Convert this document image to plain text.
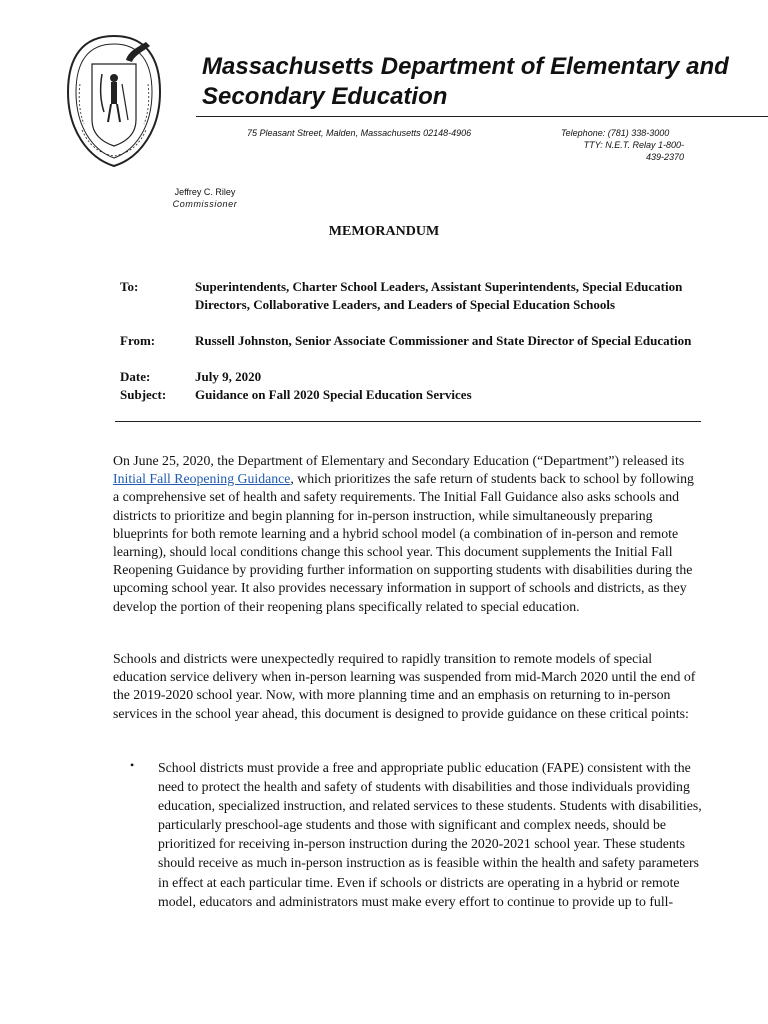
Massachusetts Department of Elementary and Secondary Education
75 Pleasant Street, Malden, Massachusetts 02148-4906	Telephone: (781) 338-3000
TTY: N.E.T. Relay 1-800-439-2370
Jeffrey C. Riley
Commissioner
MEMORANDUM
To:	Superintendents, Charter School Leaders, Assistant Superintendents, Special Education Directors, Collaborative Leaders, and Leaders of Special Education Schools
From:	Russell Johnston, Senior Associate Commissioner and State Director of Special Education
Date:	July 9, 2020
Subject: Guidance on Fall 2020 Special Education Services

On June 25, 2020, the Department of Elementary and Secondary Education (“Department”) released its Initial Fall Reopening Guidance, which prioritizes the safe return of students back to school by following a comprehensive set of health and safety requirements. The Initial Fall Guidance also asks schools and districts to prioritize and begin planning for in-person instruction, while simultaneously preparing blueprints for both remote learning and a hybrid school model (a combination of in-person and remote learning), should local conditions change this school year. This document supplements the Initial Fall Reopening Guidance by providing further information on supporting students with disabilities during the upcoming school year. It also provides necessary information in support of schools and districts, as they develop the portion of their reopening plans specifically related to special education.

Schools and districts were unexpectedly required to rapidly transition to remote models of special education service delivery when in-person learning was suspended from mid-March 2020 until the end of the 2019-2020 school year. Now, with more planning time and an emphasis on returning to in-person services in the school year ahead, this document is designed to provide guidance on these critical points:

• School districts must provide a free and appropriate public education (FAPE) consistent with the need to protect the health and safety of students with disabilities and those individuals providing education, specialized instruction, and related services to these students. Students with disabilities, particularly preschool-age students and those with significant and complex needs, should be prioritized for receiving in-person instruction during the 2020-2021 school year. These students should receive as much in-person instruction as is feasible within the health and safety parameters in effect at each particular time. Even if schools or districts are operating in a hybrid or remote model, educators and administrators must make every effort to continue to provide up to full-
